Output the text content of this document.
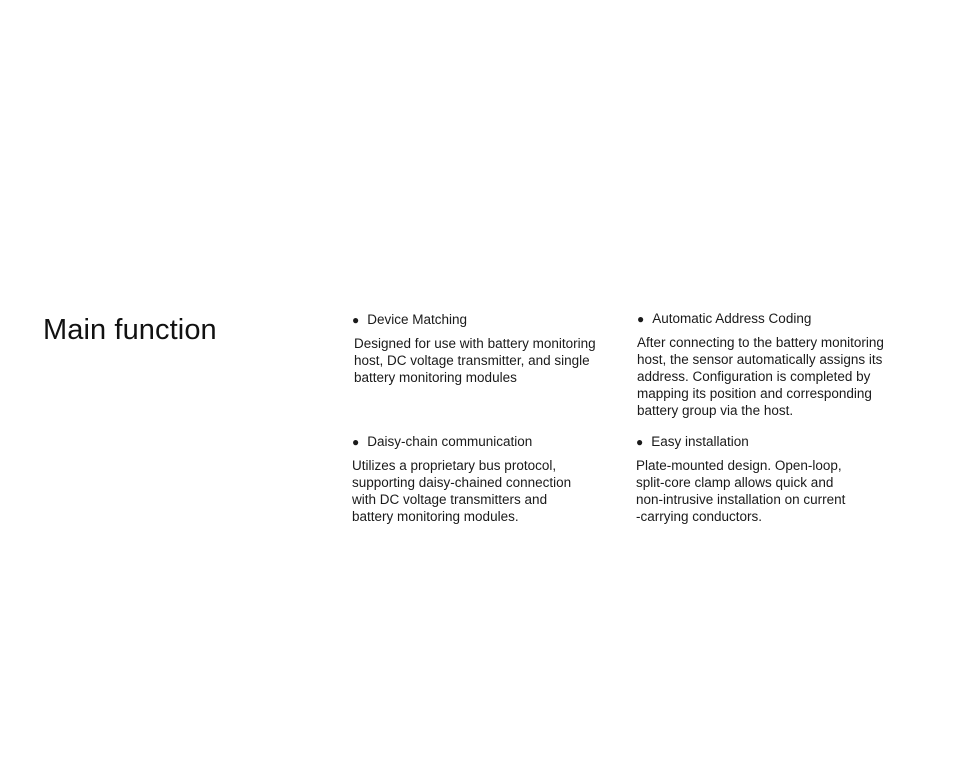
Main function	● Device Matching

Designed for use with battery monitoring
host, DC voltage transmitter, and single
battery monitoring modules

● Automatic Address Coding

After connecting to the battery monitoring
host, the sensor automatically assigns its
address. Configuration is completed by
mapping its position and corresponding
battery group via the host.

● Daisy-chain communication

Utilizes a proprietary bus protocol,
supporting daisy-chained connection
with DC voltage transmitters and
battery monitoring modules.

● Easy installation

Plate-mounted design. Open-loop,
split-core clamp allows quick and
non-intrusive installation on current
-carrying conductors.
